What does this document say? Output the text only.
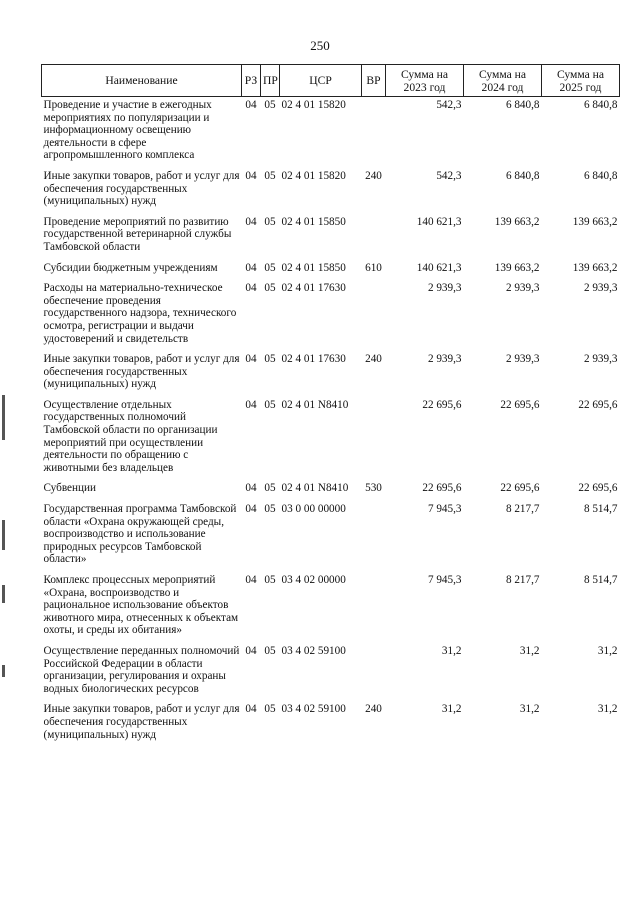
250
Наименование	РЗ	ПР	ЦСР	ВР	Сумма на 2023 год	Сумма на 2024 год	Сумма на 2025 год
Проведение и участие в ежегодных мероприятиях по популяризации и информационному освещению деятельности в сфере агропромышленного комплекса	04	05	02 4 01 15820		542,3	6 840,8	6 840,8
Иные закупки товаров, работ и услуг для обеспечения государственных (муниципальных) нужд	04	05	02 4 01 15820	240	542,3	6 840,8	6 840,8
Проведение мероприятий по развитию государственной ветеринарной службы Тамбовской области	04	05	02 4 01 15850		140 621,3	139 663,2	139 663,2
Субсидии бюджетным учреждениям	04	05	02 4 01 15850	610	140 621,3	139 663,2	139 663,2
Расходы на материально-техническое обеспечение проведения государственного надзора, технического осмотра, регистрации и выдачи удостоверений и свидетельств	04	05	02 4 01 17630		2 939,3	2 939,3	2 939,3
Иные закупки товаров, работ и услуг для обеспечения государственных (муниципальных) нужд	04	05	02 4 01 17630	240	2 939,3	2 939,3	2 939,3
Осуществление отдельных государственных полномочий Тамбовской области по организации мероприятий при осуществлении деятельности по обращению с животными без владельцев	04	05	02 4 01 N8410		22 695,6	22 695,6	22 695,6
Субвенции	04	05	02 4 01 N8410	530	22 695,6	22 695,6	22 695,6
Государственная программа Тамбовской области «Охрана окружающей среды, воспроизводство и использование природных ресурсов Тамбовской области»	04	05	03 0 00 00000		7 945,3	8 217,7	8 514,7
Комплекс процессных мероприятий «Охрана, воспроизводство и рациональное использование объектов животного мира, отнесенных к объектам охоты, и среды их обитания»	04	05	03 4 02 00000		7 945,3	8 217,7	8 514,7
Осуществление переданных полномочий Российской Федерации в области организации, регулирования и охраны водных биологических ресурсов	04	05	03 4 02 59100		31,2	31,2	31,2
Иные закупки товаров, работ и услуг для обеспечения государственных (муниципальных) нужд	04	05	03 4 02 59100	240	31,2	31,2	31,2
